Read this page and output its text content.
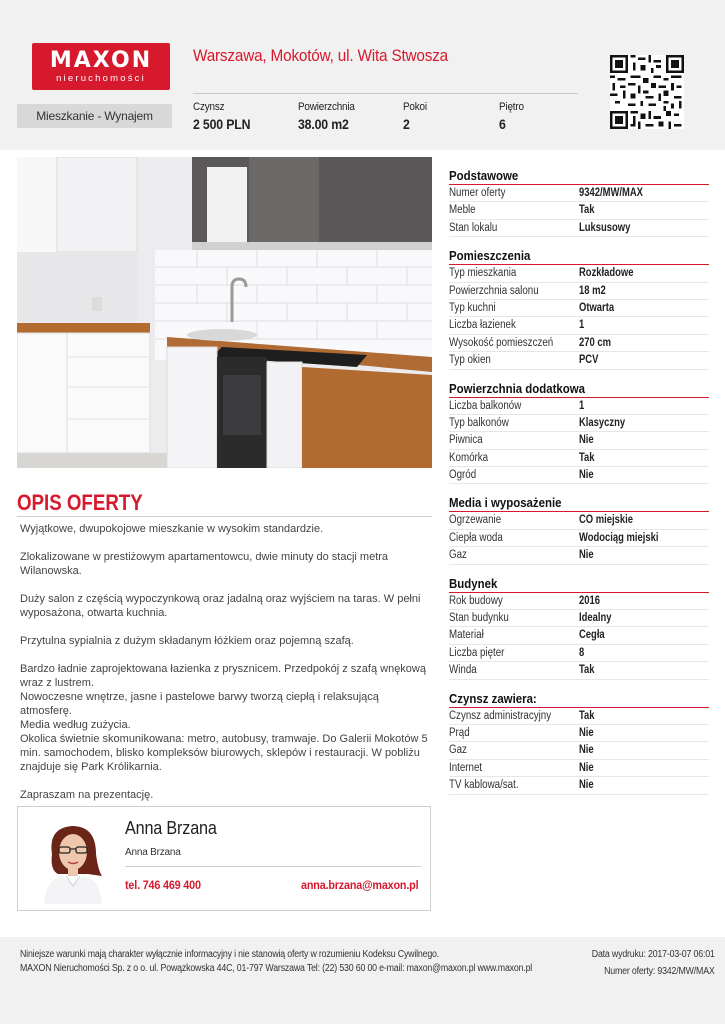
MAXON
nieruchomości
Warszawa, Mokotów, ul. Wita Stwosza
Mieszkanie - Wynajem
Czynsz
2 500 PLN
Powierzchnia
38.00 m2
Pokoi
2
Piętro
6
OPIS OFERTY

Wyjątkowe, dwupokojowe mieszkanie w wysokim standardzie.

Zlokalizowane w prestiżowym apartamentowcu, dwie minuty do stacji metra
Wilanowska.

Duży salon z częścią wypoczynkową oraz jadalną oraz wyjściem na taras. W pełni
wyposażona, otwarta kuchnia.

Przytulna sypialnia z dużym składanym łóżkiem oraz pojemną szafą.

Bardzo ładnie zaprojektowana łazienka z prysznicem. Przedpokój z szafą wnękową
wraz z lustrem.
Nowoczesne wnętrze, jasne i pastelowe barwy tworzą ciepłą i relaksującą
atmosferę.
Media według zużycia.
Okolica świetnie skomunikowana: metro, autobusy, tramwaje. Do Galerii Mokotów 5
min. samochodem, blisko kompleksów biurowych, sklepów i restauracji. W pobliżu
znajduje się Park Królikarnia.

Zapraszam na prezentację.

Anna Brzana
Anna Brzana
tel. 746 469 400	anna.brzana@maxon.pl
Podstawowe
Numer oferty	9342/MW/MAX
Meble	Tak
Stan lokalu	Luksusowy
Pomieszczenia
Typ mieszkania	Rozkładowe
Powierzchnia salonu	18 m2
Typ kuchni	Otwarta
Liczba łazienek	1
Wysokość pomieszczeń 270 cm
Typ okien	PCV
Powierzchnia dodatkowa
Liczba balkonów	1
Typ balkonów	Klasyczny
Piwnica	Nie
Komórka	Tak
Ogród	Nie
Media i wyposażenie
Ogrzewanie	CO miejskie
Ciepła woda	Wodociąg miejski
Gaz	Nie
Budynek
Rok budowy	2016
Stan budynku	Idealny
Materiał	Cegła
Liczba pięter	8
Winda	Tak
Czynsz zawiera:
Czynsz administracyjny Tak
Prąd	Nie
Gaz	Nie
Internet	Nie
TV kablowa/sat.	Nie
Niniejsze warunki mają charakter wyłącznie informacyjny i nie stanowią oferty w rozumieniu Kodeksu Cywilnego.
MAXON Nieruchomości Sp. z o o. ul. Powązkowska 44C, 01-797 Warszawa Tel: (22) 530 60 00 e-mail: maxon@maxon.pl www.maxon.pl
Data wydruku: 2017-03-07 06:01
Numer oferty: 9342/MW/MAX
